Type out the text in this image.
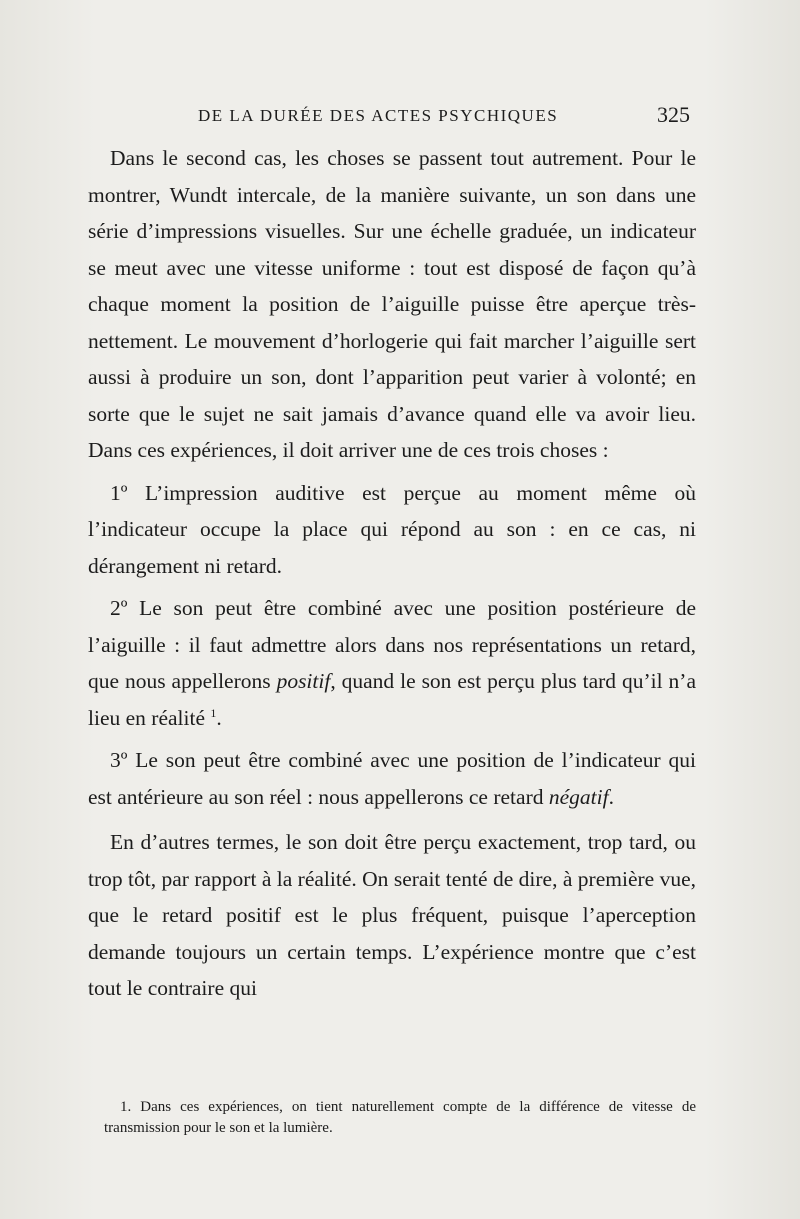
DE LA DURÉE DES ACTES PSYCHIQUES	325

Dans le second cas, les choses se passent tout autrement. Pour le montrer, Wundt intercale, de la manière suivante, un son dans une série d’impressions visuelles. Sur une échelle graduée, un indicateur se meut avec une vitesse uniforme : tout est disposé de façon qu’à chaque moment la position de l’aiguille puisse être aperçue très-nettement. Le mouvement d’horlogerie qui fait marcher l’aiguille sert aussi à produire un son, dont l’apparition peut varier à volonté; en sorte que le sujet ne sait jamais d’avance quand elle va avoir lieu. Dans ces expériences, il doit arriver une de ces trois choses :

1º L’impression auditive est perçue au moment même où l’indicateur occupe la place qui répond au son : en ce cas, ni dérangement ni retard.

2º Le son peut être combiné avec une position postérieure de l’aiguille : il faut admettre alors dans nos représentations un retard, que nous appellerons positif, quand le son est perçu plus tard qu’il n’a lieu en réalité $^1$.

3º Le son peut être combiné avec une position de l’indicateur qui est antérieure au son réel : nous appellerons ce retard négatif.

En d’autres termes, le son doit être perçu exactement, trop tard, ou trop tôt, par rapport à la réalité. On serait tenté de dire, à première vue, que le retard positif est le plus fréquent, puisque l’aperception demande toujours un certain temps. L’expérience montre que c’est tout le contraire qui

1. Dans ces expériences, on tient naturellement compte de la différence de vitesse de transmission pour le son et la lumière.
